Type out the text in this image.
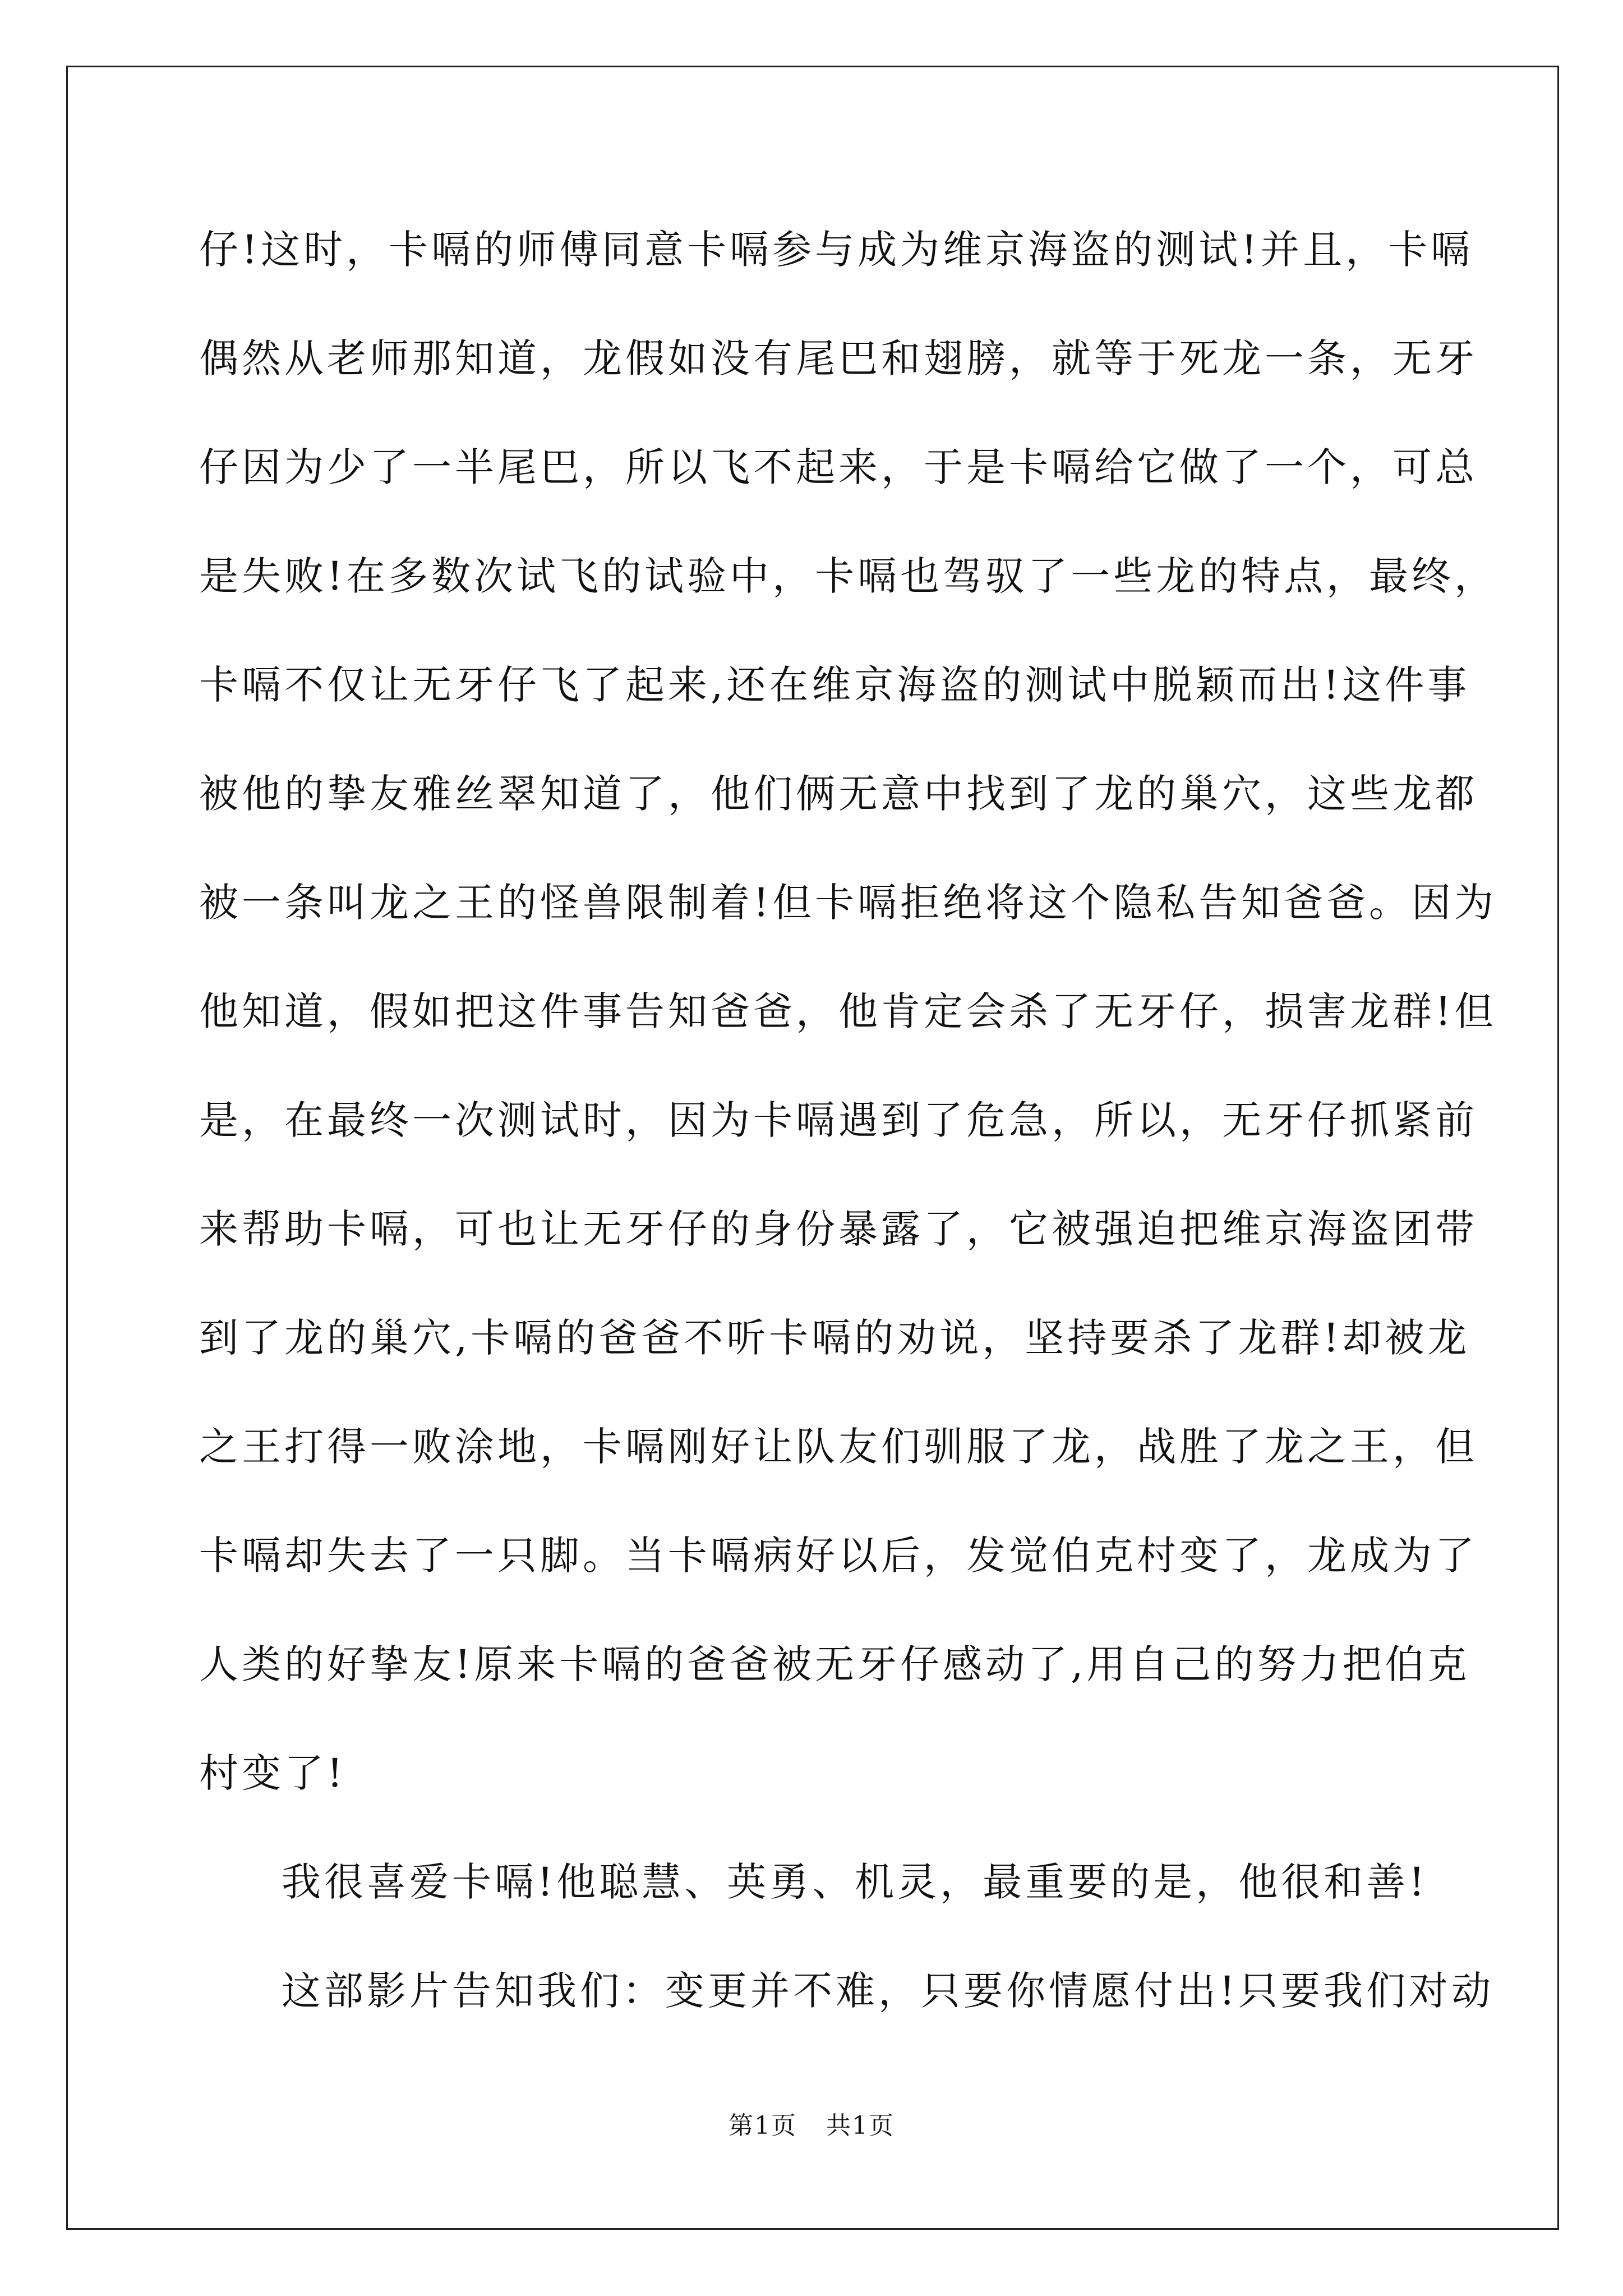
仔!这时，卡嗝的师傅同意卡嗝参与成为维京海盗的测试!并且，卡嗝
偶然从老师那知道，龙假如没有尾巴和翅膀，就等于死龙一条，无牙
仔因为少了一半尾巴，所以飞不起来，于是卡嗝给它做了一个，可总
是失败!在多数次试飞的试验中，卡嗝也驾驭了一些龙的特点，最终，
卡嗝不仅让无牙仔飞了起来,还在维京海盗的测试中脱颖而出!这件事
被他的挚友雅丝翠知道了，他们俩无意中找到了龙的巢穴，这些龙都
被一条叫龙之王的怪兽限制着!但卡嗝拒绝将这个隐私告知爸爸。因为
他知道，假如把这件事告知爸爸，他肯定会杀了无牙仔，损害龙群!但
是，在最终一次测试时，因为卡嗝遇到了危急，所以，无牙仔抓紧前
来帮助卡嗝，可也让无牙仔的身份暴露了，它被强迫把维京海盗团带
到了龙的巢穴,卡嗝的爸爸不听卡嗝的劝说，坚持要杀了龙群!却被龙
之王打得一败涂地，卡嗝刚好让队友们驯服了龙，战胜了龙之王，但
卡嗝却失去了一只脚。当卡嗝病好以后，发觉伯克村变了，龙成为了
人类的好挚友!原来卡嗝的爸爸被无牙仔感动了,用自己的努力把伯克
村变了!
我很喜爱卡嗝!他聪慧、英勇、机灵，最重要的是，他很和善!
这部影片告知我们：变更并不难，只要你情愿付出!只要我们对动
第1页 共1页
